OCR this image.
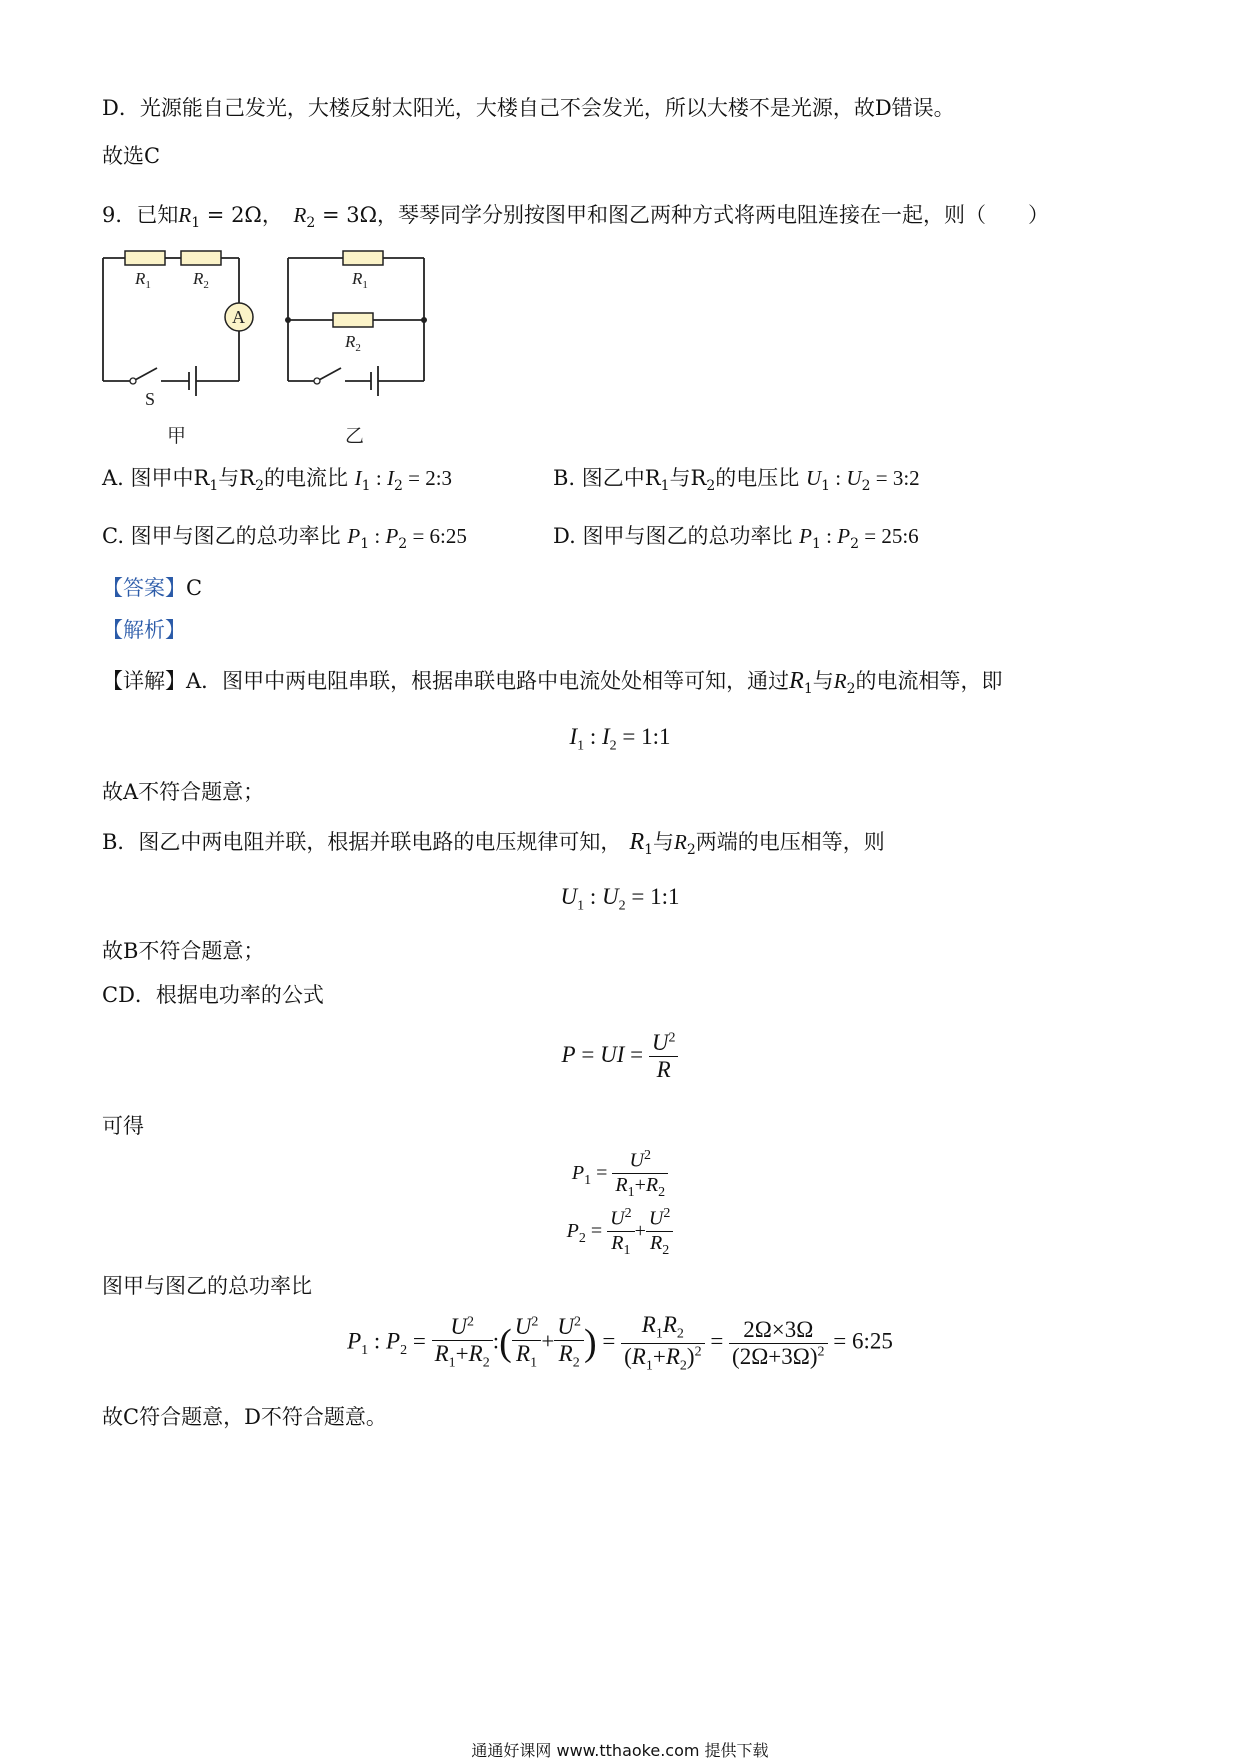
D．光源能自己发光，大楼反射太阳光，大楼自己不会发光，所以大楼不是光源，故D错误。
故选C
9．已知$R_1 = 2\Omega$， $R_2 = 3\Omega$，琴琴同学分别按图甲和图乙两种方式将两电阻连接在一起，则（　　）
$R_1$ $R_2$	$R_1$
$R_2$
A
S
甲	乙
A. 图甲中$R_1$与$R_2$的电流比 $I_1$ : $I_2$ = 2:3	B. 图乙中$R_1$与$R_2$的电压比 $U_1$ : $U_2$ = 3:2
C. 图甲与图乙的总功率比 $P_1$ : $P_2$ = 6:25	D. 图甲与图乙的总功率比 $P_1$ : $P_2$ = 25:6
【答案】C
【解析】
【详解】A．图甲中两电阻串联，根据串联电路中电流处处相等可知，通过$R_1$与$R_2$的电流相等，即
$I_1$ : $I_2$ = 1:1
故A不符合题意；
B．图乙中两电阻并联，根据并联电路的电压规律可知， $R_1$与$R_2$两端的电压相等，则
$U_1$ : $U_2$ = 1:1
故B不符合题意；
CD．根据电功率的公式
P = UI = $\frac{U^2}{R}$
可得
$P_1 = \frac{U^2}{R_1+R_2}$
$P_2 = \frac{U^2}{R_1} + \frac{U^2}{R_2}$
图甲与图乙的总功率比
$P_1$ : $P_2 = \frac{U^2}{R_1+R_2}$ :( $\frac{U^2}{R_1} + \frac{U^2}{R_2}$ ) = $\frac{R_1R_2}{(R_1+R_2)^2} = \frac{2\Omega\times 3\Omega}{(2\Omega+3\Omega)^2}$ = 6:25
故C符合题意，D不符合题意。
通通好课网 www.tthaoke.com 提供下载
